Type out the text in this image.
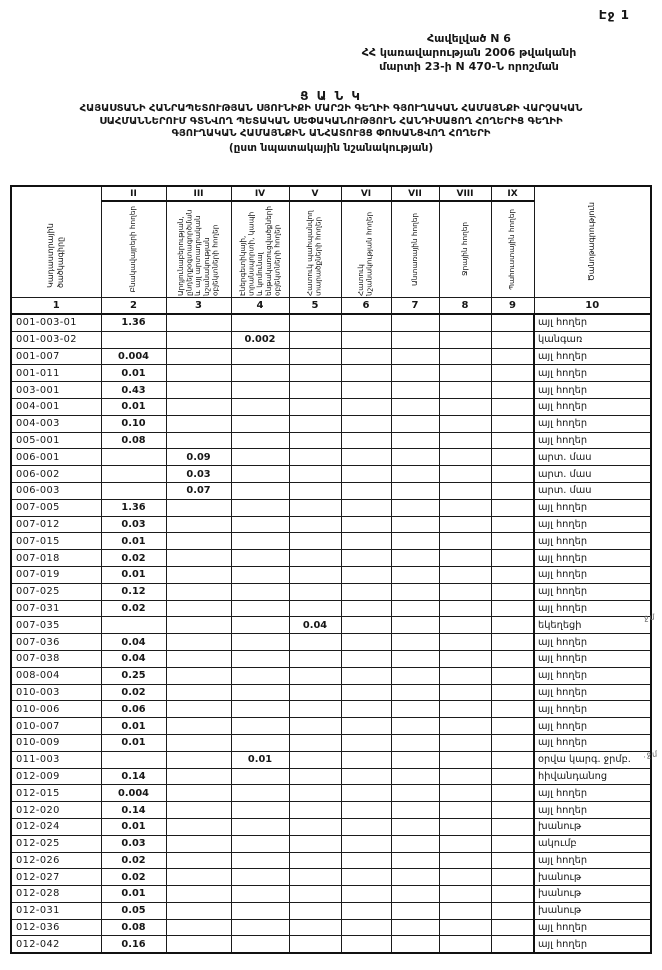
Էջ 1
Հավելված N 6
ՀՀ կառավարության 2006 թվականի
մարտի 23-ի N 470-Ն որոշման
Ց Ա Ն Կ
ՀԱՅԱՍՏԱՆԻ ՀԱՆՐԱՊԵՏՈՒԹՅԱՆ ՍՅՈՒՆԻՔԻ ՄԱՐԶԻ ԳԵՂԻԻ ԳՅՈՒՂԱԿԱՆ ՀԱՄԱՅՆՔԻ ՎԱՐՉԱԿԱՆ
ՍԱՀՄԱՆՆԵՐՈՒՄ ԳՏՆՎՈՂ ՊԵՏԱԿԱՆ ՍԵՓԱԿԱՆՈՒԹՅՈՒՆ ՀԱՆԴԻՍԱՑՈՂ ՀՈՂԵՐԻՑ ԳԵՂԻԻ
ԳՅՈՒՂԱԿԱՆ ՀԱՄԱՅՆՔԻՆ ԱՆՀԱՏՈՒՅՑ ՓՈԽԱՆՑՎՈՂ ՀՈՂԵՐԻ
(ըստ նպատակային նշանակության)
Կադաստրային ծածկագիրը	II	III	IV	V	VI	VII	VIII	IX	Ծանոթագրություն

	Բնակավայրերի հողեր	Արդյունաբերության, ընդերքօգտագործման և այլ արտադրական նշանակության օբյեկտների հողեր	Էներգետիկայի, տրանսպորտի, կապի և կոմունալ ենթակառուցվածքների օբյեկտների հողեր	Հատուկ պահպանվող տարածքների հողեր	Հատուկ նշանակության հողեր	Անտառային հողեր	Ջրային հողեր	Պահուստային հողեր	

1	2	3	4	5	6	7	8	9	10
001-003-01	1.36								այլ հողեր
001-003-02			0.002						կանգառ
001-007	0.004								այլ հողեր
001-011	0.01								այլ հողեր
003-001	0.43								այլ հողեր
004-001	0.01								այլ հողեր
004-003	0.10								այլ հողեր
005-001	0.08								այլ հողեր
006-001		0.09							արտ. մաս
006-002		0.03							արտ. մաս
006-003		0.07							արտ. մաս
007-005	1.36								այլ հողեր
007-012	0.03								այլ հողեր
007-015	0.01								այլ հողեր
007-018	0.02								այլ հողեր
007-019	0.01								այլ հողեր
007-025	0.12								այլ հողեր
007-031	0.02								այլ հողեր
007-035				0.04					եկեղեցի
007-036	0.04								այլ հողեր
007-038	0.04								այլ հողեր
008-004	0.25								այլ հողեր
010-003	0.02								այլ հողեր
010-006	0.06								այլ հողեր
010-007	0.01								այլ հողեր
010-009	0.01								այլ հողեր
011-003			0.01						օրվա կարգ. ջրմբ.
012-009	0.14								հիվանդանոց
012-015	0.004								այլ հողեր
012-020	0.14								այլ հողեր
012-024	0.01								խանութ
012-025	0.03								ակումբ
012-026	0.02								այլ հողեր
012-027	0.02								խանութ
012-028	0.01								խանութ
012-031	0.05								խանութ
012-036	0.08								այլ հողեր
012-042	0.16								այլ հողեր
ջմ
.ջմ
